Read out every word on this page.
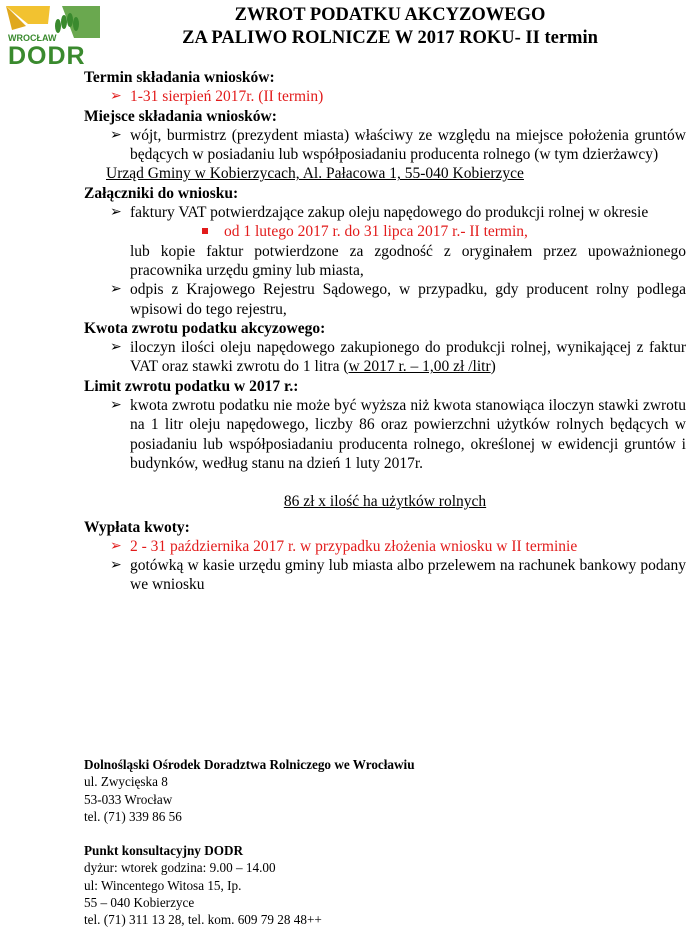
WROCŁAW
DODR
ZWROT PODATKU AKCYZOWEGO
ZA PALIWO ROLNICZE W 2017 ROKU- II termin

Termin składania wniosków:

➢ 1-31 sierpień 2017r. (II termin)

Miejsce składania wniosków:

➢ wójt, burmistrz (prezydent miasta) właściwy ze względu na miejsce położenia gruntów będących w posiadaniu lub współposiadaniu producenta rolnego (w tym dzierżawcy)

Urząd Gminy w Kobierzycach, Al. Pałacowa 1, 55-040 Kobierzyce

Załączniki do wniosku:

➢ faktury VAT potwierdzające zakup oleju napędowego do produkcji rolnej w okresie

od 1 lutego 2017 r. do 31 lipca 2017 r.- II termin,

lub kopie faktur potwierdzone za zgodność z oryginałem przez upoważnionego pracownika urzędu gminy lub miasta,

➢ odpis z Krajowego Rejestru Sądowego, w przypadku, gdy producent rolny podlega wpisowi do tego rejestru,

Kwota zwrotu podatku akcyzowego:

➢ iloczyn ilości oleju napędowego zakupionego do produkcji rolnej, wynikającej z faktur VAT oraz stawki zwrotu do 1 litra (w 2017 r. – 1,00 zł /litr)

Limit zwrotu podatku w 2017 r.:

➢ kwota zwrotu podatku nie może być wyższa niż kwota stanowiąca iloczyn stawki zwrotu na 1 litr oleju napędowego, liczby 86 oraz powierzchni użytków rolnych będących w posiadaniu lub współposiadaniu producenta rolnego, określonej w ewidencji gruntów i budynków, według stanu na dzień 1 luty 2017r.

86 zł x ilość ha użytków rolnych

Wypłata kwoty:

➢ 2 - 31 października 2017 r. w przypadku złożenia wniosku w II terminie

➢ gotówką w kasie urzędu gminy lub miasta albo przelewem na rachunek bankowy podany we wniosku

Dolnośląski Ośrodek Doradztwa Rolniczego we Wrocławiu
ul. Zwycięska 8
53-033 Wrocław
tel. (71) 339 86 56
Punkt konsultacyjny DODR
dyżur: wtorek godzina: 9.00 – 14.00
ul: Wincentego Witosa 15, Ip.
55 – 040 Kobierzyce
tel. (71) 311 13 28, tel. kom. 609 79 28 48++
